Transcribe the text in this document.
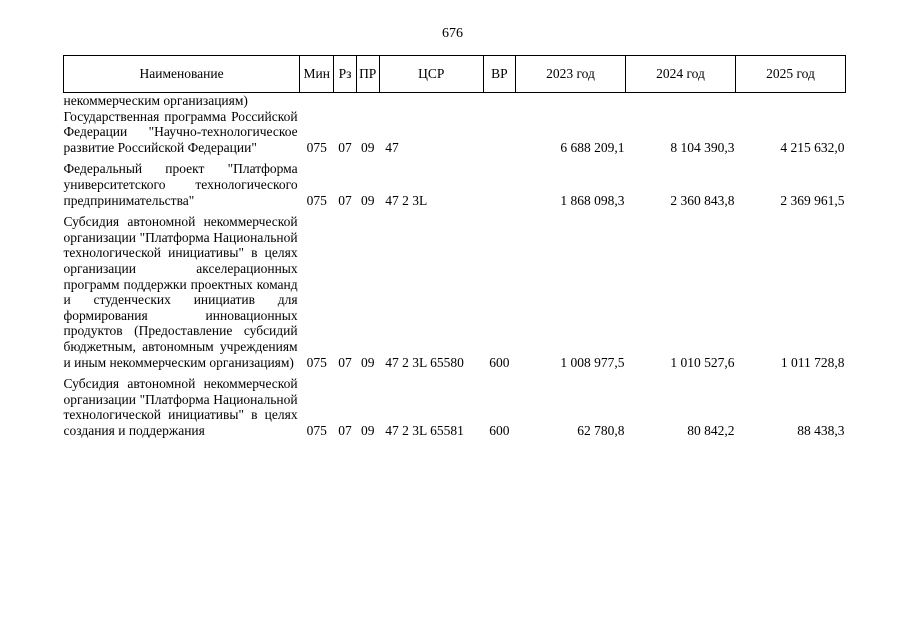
676
Наименование	Мин	Рз	ПР	ЦСР	ВР	2023 год	2024 год	2025 год
некоммерческим организациям)								
Государственная программа Российской Федерации "Научно-технологическое развитие Российской Федерации"	075	07	09	47		6 688 209,1	8 104 390,3	4 215 632,0
Федеральный проект "Платформа университетского технологического предпринимательства"	075	07	09	47 2 3L		1 868 098,3	2 360 843,8	2 369 961,5
Субсидия автономной некоммерческой организации "Платформа Национальной технологической инициативы" в целях организации акселерационных программ поддержки проектных команд и студенческих инициатив для формирования инновационных продуктов (Предоставление субсидий бюджетным, автономным учреждениям и иным некоммерческим организациям)	075	07	09	47 2 3L 65580	600	1 008 977,5	1 010 527,6	1 011 728,8
Субсидия автономной некоммерческой организации "Платформа Национальной технологической инициативы" в целях создания и поддержания	075	07	09	47 2 3L 65581	600	62 780,8	80 842,2	88 438,3
